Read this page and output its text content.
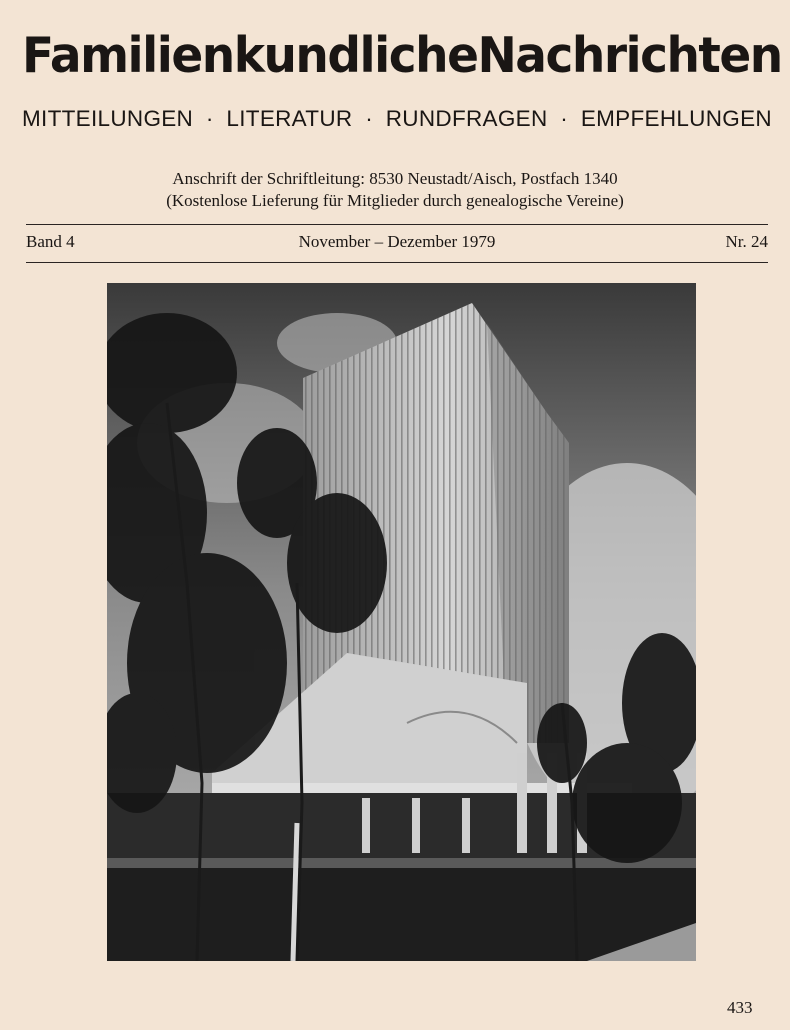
Familienkundliche Nachrichten
MITTEILUNGEN · LITERATUR · RUNDFRAGEN · EMPFEHLUNGEN
Anschrift der Schriftleitung: 8530 Neustadt/Aisch, Postfach 1340
(Kostenlose Lieferung für Mitglieder durch genealogische Vereine)
Band 4	November – Dezember 1979	Nr. 24
433
